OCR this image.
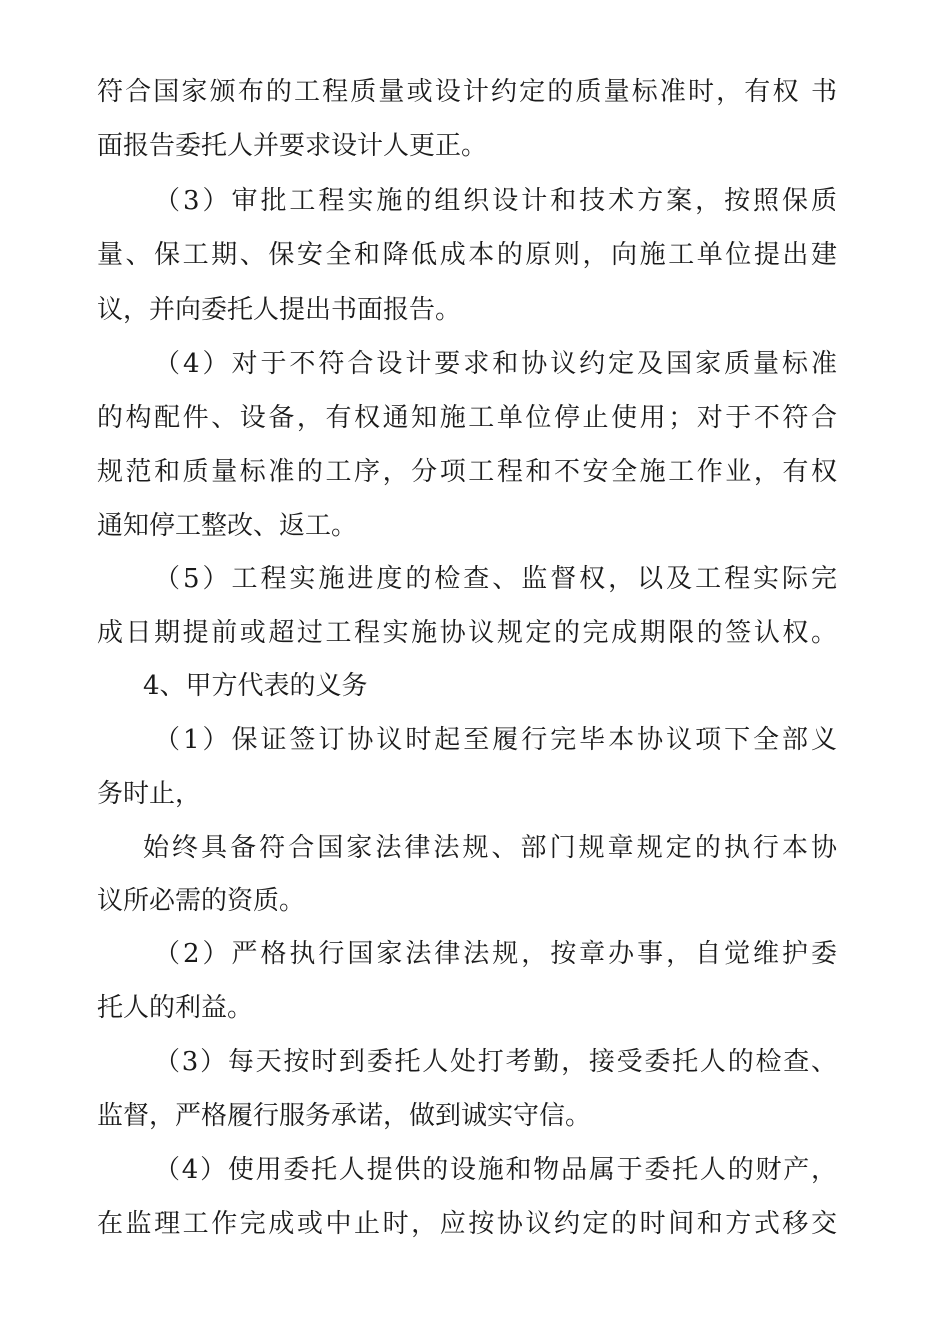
符合国家颁布的工程质量或设计约定的质量标准时，有权 书
面报告委托人并要求设计人更正。
（3）审批工程实施的组织设计和技术方案，按照保质
量、保工期、保安全和降低成本的原则，向施工单位提出建
议，并向委托人提出书面报告。
（4）对于不符合设计要求和协议约定及国家质量标准
的构配件、设备，有权通知施工单位停止使用；对于不符合
规范和质量标准的工序，分项工程和不安全施工作业，有权
通知停工整改、返工。
（5）工程实施进度的检查、监督权，以及工程实际完
成日期提前或超过工程实施协议规定的完成期限的签认权。
4、甲方代表的义务
（1）保证签订协议时起至履行完毕本协议项下全部义
务时止，
始终具备符合国家法律法规、部门规章规定的执行本协
议所必需的资质。
（2）严格执行国家法律法规，按章办事，自觉维护委
托人的利益。
（3）每天按时到委托人处打考勤，接受委托人的检查、
监督，严格履行服务承诺，做到诚实守信。
（4）使用委托人提供的设施和物品属于委托人的财产，
在监理工作完成或中止时，应按协议约定的时间和方式移交
